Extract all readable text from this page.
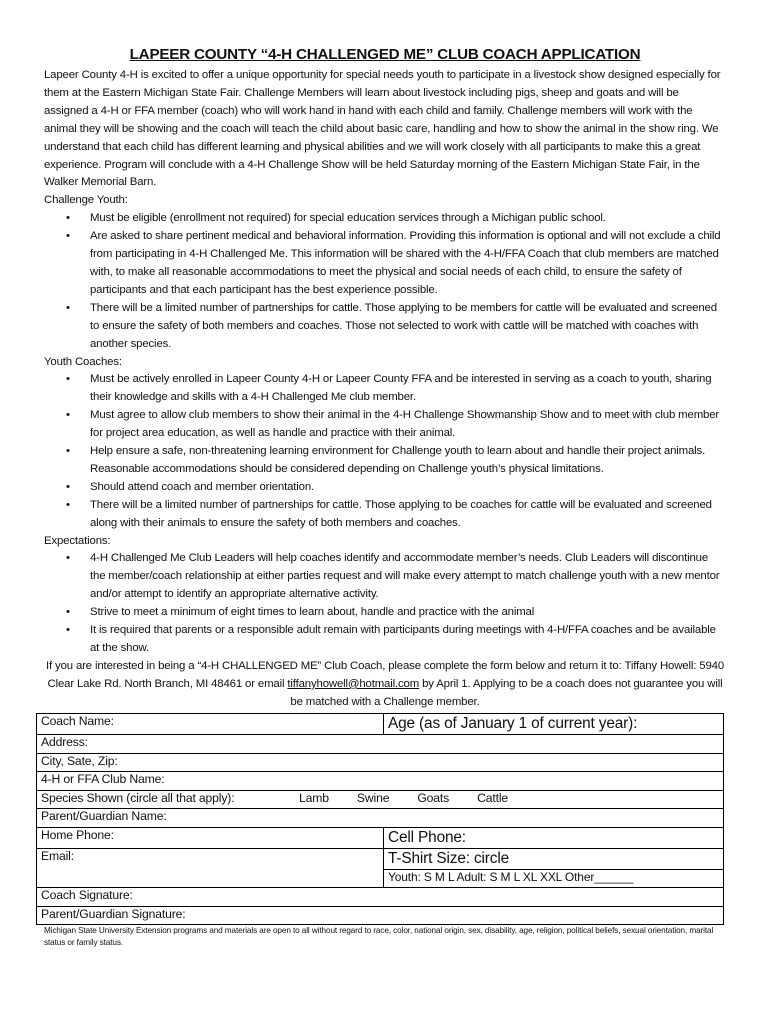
LAPEER COUNTY “4-H CHALLENGED ME” CLUB COACH APPLICATION

Lapeer County 4-H is excited to offer a unique opportunity for special needs youth to participate in a livestock show designed especially for them at the Eastern Michigan State Fair. Challenge Members will learn about livestock including pigs, sheep and goats and will be assigned a 4-H or FFA member (coach) who will work hand in hand with each child and family. Challenge members will work with the animal they will be showing and the coach will teach the child about basic care, handling and how to show the animal in the show ring. We understand that each child has different learning and physical abilities and we will work closely with all participants to make this a great experience. Program will conclude with a 4-H Challenge Show will be held Saturday morning of the Eastern Michigan State Fair, in the Walker Memorial Barn.

Challenge Youth:

• Must be eligible (enrollment not required) for special education services through a Michigan public school.
• Are asked to share pertinent medical and behavioral information. Providing this information is optional and will not exclude a child from participating in 4-H Challenged Me. This information will be shared with the 4-H/FFA Coach that club members are matched with, to make all reasonable accommodations to meet the physical and social needs of each child, to ensure the safety of participants and that each participant has the best experience possible.
• There will be a limited number of partnerships for cattle. Those applying to be members for cattle will be evaluated and screened to ensure the safety of both members and coaches. Those not selected to work with cattle will be matched with coaches with another species.

Youth Coaches:

• Must be actively enrolled in Lapeer County 4-H or Lapeer County FFA and be interested in serving as a coach to youth, sharing their knowledge and skills with a 4-H Challenged Me club member.
• Must agree to allow club members to show their animal in the 4-H Challenge Showmanship Show and to meet with club member for project area education, as well as handle and practice with their animal.
• Help ensure a safe, non-threatening learning environment for Challenge youth to learn about and handle their project animals. Reasonable accommodations should be considered depending on Challenge youth’s physical limitations.
• Should attend coach and member orientation.
• There will be a limited number of partnerships for cattle. Those applying to be coaches for cattle will be evaluated and screened along with their animals to ensure the safety of both members and coaches.

Expectations:

• 4-H Challenged Me Club Leaders will help coaches identify and accommodate member’s needs. Club Leaders will discontinue the member/coach relationship at either parties request and will make every attempt to match challenge youth with a new mentor and/or attempt to identify an appropriate alternative activity.
• Strive to meet a minimum of eight times to learn about, handle and practice with the animal
• It is required that parents or a responsible adult remain with participants during meetings with 4-H/FFA coaches and be available at the show.

If you are interested in being a “4-H CHALLENGED ME” Club Coach, please complete the form below and return it to: Tiffany Howell: 5940 Clear Lake Rd. North Branch, MI 48461 or email tiffanyhowell@hotmail.com by April 1. Applying to be a coach does not guarantee you will be matched with a Challenge member.

Coach Name:	Age (as of January 1 of current year):
Address:	
City, Sate, Zip:	
4-H or FFA Club Name:	

Species Shown (circle all that apply): Lamb Swine Goats Cattle	

Parent/Guardian Name:	
Home Phone:	Cell Phone:
Email:	T-Shirt Size: circle
	Youth: S M L Adult: S M L XL XXL Other______
Coach Signature:	
Parent/Guardian Signature:	
Michigan State University Extension programs and materials are open to all without regard to race, color, national origin, sex, disability, age, religion, political beliefs, sexual orientation, marital status or family status.
